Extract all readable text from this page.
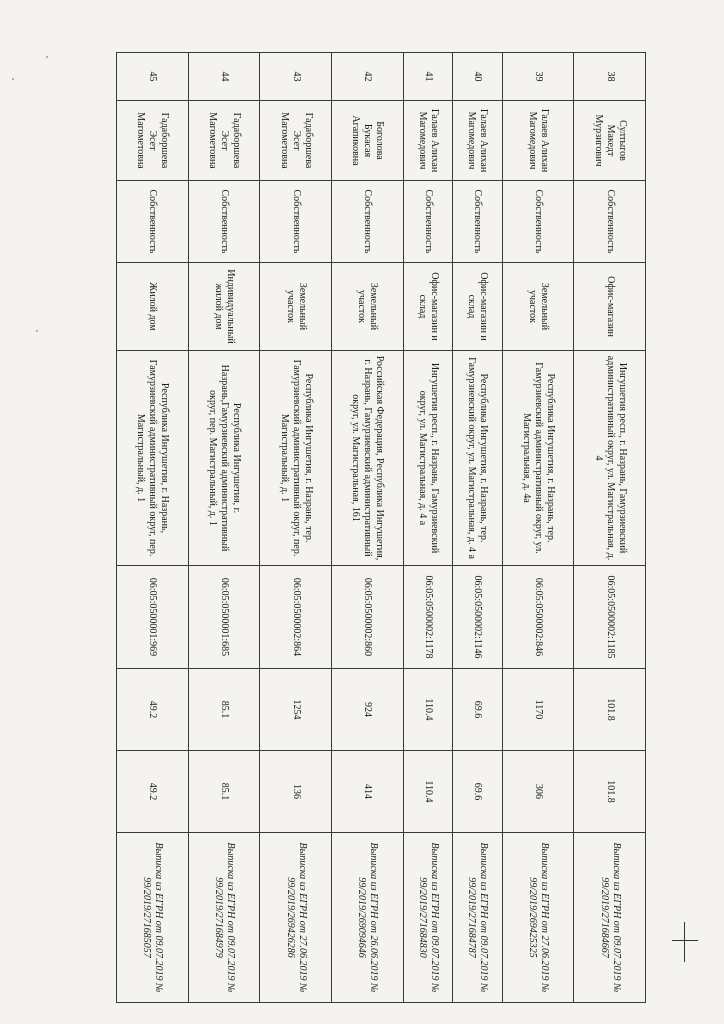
38	Султыгов Македт Мурзигович	Собственность	Офис-магазин	Ингушетия респ., г. Назрань, Гамурзиевский административный округ, ул. Магистральная, д. 4	06:05:0500002:1185	101.8	101.8	Выписка из ЕГРН от 09.07.2019 № 99/2019/271684667
39	Галаев Алихан Магомедович	Собственность	Земельный участок	Республика Ингушетия, г. Назрань, тер. Гамурзиевский административный округ, ул. Магистральная, д. 4а	06:05:0500002:846	1170	306	Выписка из ЕГРН от 27.06.2019 № 99/2019/269425325
40	Галаев Алихан Магомедович	Собственность	Офис-магазин и склад	Республика Ингушетия, г. Назрань, тер. Гамурзиевский округ, ул. Магистральная, д. 4 а	06:05:0500002:1146	69.6	69.6	Выписка из ЕГРН от 09.07.2019 № 99/2019/271684787
41	Галаев Алихан Магомедович	Собственность	Офис-магазин и склад	Ингушетия респ., г. Назрань, Гамурзиевский округ, ул. Магистральная, д. 4 а	06:05:0500002:1178	110.4	110.4	Выписка из ЕГРН от 09.07.2019 № 99/2019/271684830
42	Боголова Букасая Агапиковна	Собственность	Земельный участок	Российская Федерация, Республика Ингушетия, г. Назрань, Гамурзиевский административный округ, ул. Магистральная, 161	06:05:0500002:860	924	414	Выписка из ЕГРН от 26.06.2019 № 99/2019/269094646
43	Гадаборшева Эсет Магометовна	Собственность	Земельный участок	Республика Ингушетия, г. Назрань, тер. Гамурзиевский административный округ, пер. Магистральный, д. 1	06:05:0500002:864	1254	136	Выписка из ЕГРН от 27.06.2019 № 99/2019/269426286
44	Гадаборшева Эсет Магометовна	Собственность	Индивидуальный жилой дом	Республика Ингушетия, г. Назрань,Гамурзиевский административный округ, пер. Магистральный, д. 1	06:05:0500001:685	85.1	85.1	Выписка из ЕГРН от 09.07.2019 № 99/2019/271684979
45	Гадаборшева Эсет Магометовна	Собственность	Жилой дом	Республика Ингушетия, г. Назрань, Гамурзиевский административный округ, пер. Магистральный, д. 1	06:05:0500001:969	49.2	49.2	Выписка из ЕГРН от 09.07.2019 № 99/2019/271685057
